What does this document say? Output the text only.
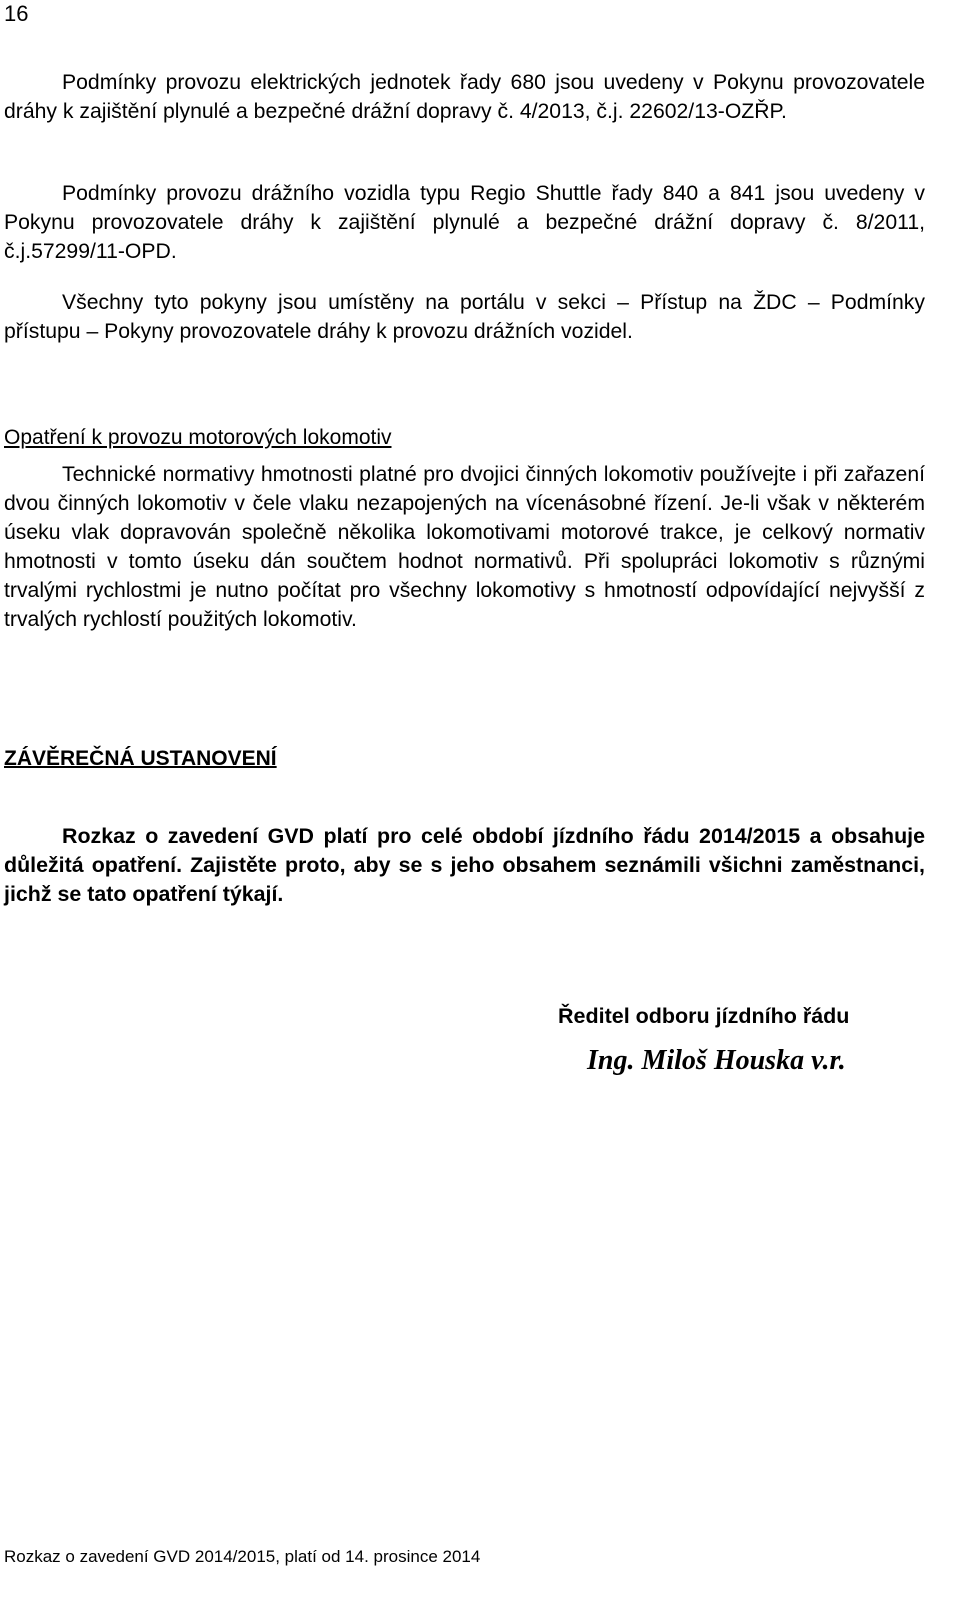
16
Podmínky provozu elektrických jednotek řady 680 jsou uvedeny v Pokynu provozovatele dráhy k zajištění plynulé a bezpečné drážní dopravy č. 4/2013, č.j. 22602/13-OZŘP.
Podmínky provozu drážního vozidla typu Regio Shuttle řady 840 a 841 jsou uvedeny v Pokynu provozovatele dráhy k zajištění plynulé a bezpečné drážní dopravy č. 8/2011, č.j.57299/11-OPD.
Všechny tyto pokyny jsou umístěny na portálu v sekci – Přístup na ŽDC – Podmínky přístupu – Pokyny provozovatele dráhy k provozu drážních vozidel.
Opatření k provozu motorových lokomotiv
Technické normativy hmotnosti platné pro dvojici činných lokomotiv používejte i při zařazení dvou činných lokomotiv v čele vlaku nezapojených na vícenásobné řízení. Je-li však v některém úseku vlak dopravován společně několika lokomotivami motorové trakce, je celkový normativ hmotnosti v tomto úseku dán součtem hodnot normativů. Při spolupráci lokomotiv s různými trvalými rychlostmi je nutno počítat pro všechny lokomotivy s hmotností odpovídající nejvyšší z trvalých rychlostí použitých lokomotiv.
ZÁVĚREČNÁ USTANOVENÍ
Rozkaz o zavedení GVD platí pro celé období jízdního řádu 2014/2015 a obsahuje důležitá opatření. Zajistěte proto, aby se s jeho obsahem seznámili všichni zaměstnanci, jichž se tato opatření týkají.
Ředitel odboru jízdního řádu
Ing. Miloš Houska v.r.
Rozkaz o zavedení GVD 2014/2015, platí od 14. prosince 2014
